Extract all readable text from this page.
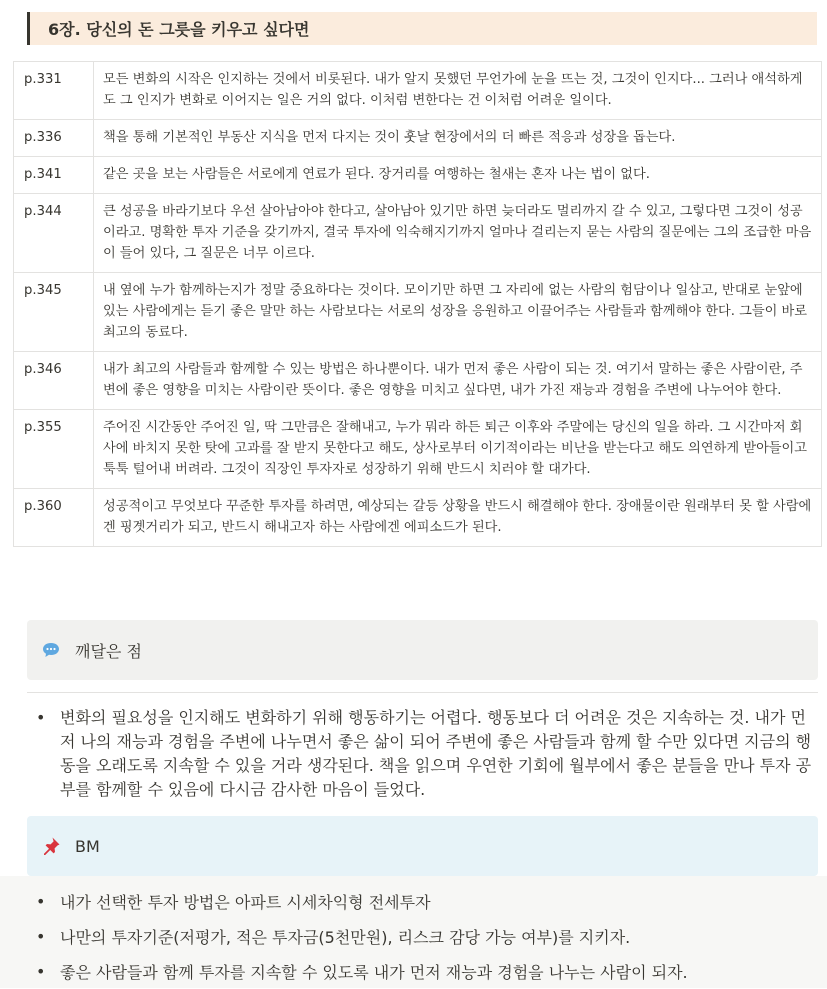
6장. 당신의 돈 그릇을 키우고 싶다면
p.331	모든 변화의 시작은 인지하는 것에서 비롯된다. 내가 알지 못했던 무언가에 눈을 뜨는 것, 그것이 인지다... 그러나 애석하게도 그 인지가 변화로 이어지는 일은 거의 없다. 이처럼 변한다는 건 이처럼 어려운 일이다.
p.336	책을 통해 기본적인 부동산 지식을 먼저 다지는 것이 훗날 현장에서의 더 빠른 적응과 성장을 돕는다.
p.341	같은 곳을 보는 사람들은 서로에게 연료가 된다. 장거리를 여행하는 철새는 혼자 나는 법이 없다.
p.344	큰 성공을 바라기보다 우선 살아남아야 한다고, 살아남아 있기만 하면 늦더라도 멀리까지 갈 수 있고, 그렇다면 그것이 성공이라고. 명확한 투자 기준을 갖기까지, 결국 투자에 익숙해지기까지 얼마나 걸리는지 묻는 사람의 질문에는 그의 조급한 마음이 들어 있다, 그 질문은 너무 이르다.
p.345	내 옆에 누가 함께하는지가 정말 중요하다는 것이다. 모이기만 하면 그 자리에 없는 사람의 험담이나 일삼고, 반대로 눈앞에 있는 사람에게는 듣기 좋은 말만 하는 사람보다는 서로의 성장을 응원하고 이끌어주는 사람들과 함께해야 한다. 그들이 바로 최고의 동료다.
p.346	내가 최고의 사람들과 함께할 수 있는 방법은 하나뿐이다. 내가 먼저 좋은 사람이 되는 것. 여기서 말하는 좋은 사람이란, 주변에 좋은 영향을 미치는 사람이란 뜻이다. 좋은 영향을 미치고 싶다면, 내가 가진 재능과 경험을 주변에 나누어야 한다.
p.355	주어진 시간동안 주어진 일, 딱 그만큼은 잘해내고, 누가 뭐라 하든 퇴근 이후와 주말에는 당신의 일을 하라. 그 시간마저 회사에 바치지 못한 탓에 고과를 잘 받지 못한다고 해도, 상사로부터 이기적이라는 비난을 받는다고 해도 의연하게 받아들이고 툭툭 털어내 버려라. 그것이 직장인 투자자로 성장하기 위해 반드시 치러야 할 대가다.
p.360	성공적이고 무엇보다 꾸준한 투자를 하려면, 예상되는 갈등 상황을 반드시 해결해야 한다. 장애물이란 원래부터 못 할 사람에겐 핑곗거리가 되고, 반드시 해내고자 하는 사람에겐 에피소드가 된다.
깨달은 점
• 변화의 필요성을 인지해도 변화하기 위해 행동하기는 어렵다. 행동보다 더 어려운 것은 지속하는 것. 내가 먼저 나의 재능과 경험을 주변에 나누면서 좋은 삶이 되어 주변에 좋은 사람들과 함께 할 수만 있다면 지금의 행동을 오래도록 지속할 수 있을 거라 생각된다. 책을 읽으며 우연한 기회에 월부에서 좋은 분들을 만나 투자 공부를 함께할 수 있음에 다시금 감사한 마음이 들었다.
BM
• 내가 선택한 투자 방법은 아파트 시세차익형 전세투자
• 나만의 투자기준(저평가, 적은 투자금(5천만원), 리스크 감당 가능 여부)를 지키자.
• 좋은 사람들과 함께 투자를 지속할 수 있도록 내가 먼저 재능과 경험을 나누는 사람이 되자.
